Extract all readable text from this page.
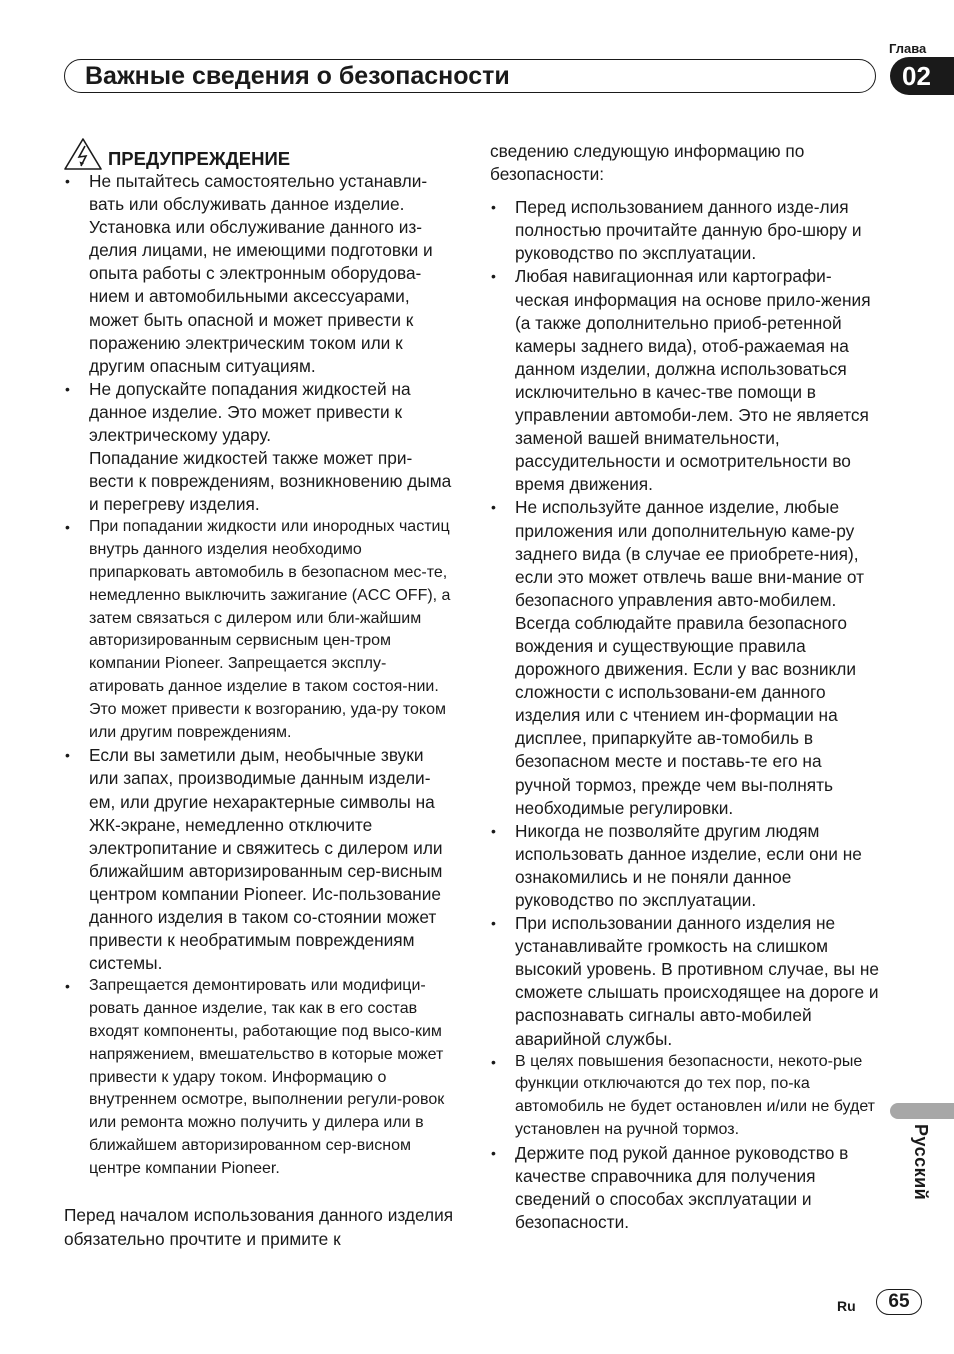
Глава
02
Важные сведения о безопасности
ПРЕДУПРЕЖДЕНИЕ
• Не пытайтесь самостоятельно устанавли-вать или обслуживать данное изделие. Установка или обслуживание данного из-делия лицами, не имеющими подготовки и опыта работы с электронным оборудова-нием и автомобильными аксессуарами, может быть опасной и может привести к поражению электрическим током или к другим опасным ситуациям.
• Не допускайте попадания жидкостей на данное изделие. Это может привести к электрическому удару.
Попадание жидкостей также может при-вести к повреждениям, возникновению дыма и перегреву изделия.
• При попадании жидкости или инородных частиц внутрь данного изделия необходимо припарковать автомобиль в безопасном мес-те, немедленно выключить зажигание (ACC OFF), а затем связаться с дилером или бли-жайшим авторизированным сервисным цен-тром компании Pioneer. Запрещается эксплу-атировать данное изделие в таком состоя-нии. Это может привести к возгоранию, уда-ру током или другим повреждениям.
• Если вы заметили дым, необычные звуки или запах, производимые данным издели-ем, или другие нехарактерные символы на ЖК-экране, немедленно отключите электропитание и свяжитесь с дилером или ближайшим авторизированным сер-висным центром компании Pioneer. Ис-пользование данного изделия в таком со-стоянии может привести к необратимым повреждениям системы.
• Запрещается демонтировать или модифици-ровать данное изделие, так как в его состав входят компоненты, работающие под высо-ким напряжением, вмешательство в которые может привести к удару током. Информацию о внутреннем осмотре, выполнении регули-ровок или ремонта можно получить у дилера или в ближайшем авторизированном сер-висном центре компании Pioneer.

Перед началом использования данного изделия обязательно прочтите и примите к

сведению следующую информацию по безопасности:

• Перед использованием данного изде-лия полностью прочитайте данную бро-шюру и руководство по эксплуатации.
• Любая навигационная или картографи-ческая информация на основе прило-жения (а также дополнительно приоб-ретенной камеры заднего вида), отоб-ражаемая на данном изделии, должна использоваться исключительно в качес-тве помощи в управлении автомоби-лем. Это не является заменой вашей внимательности, рассудительности и осмотрительности во время движения.
• Не используйте данное изделие, любые приложения или дополнительную каме-ру заднего вида (в случае ее приобрете-ния), если это может отвлечь ваше вни-мание от безопасного управления авто-мобилем. Всегда соблюдайте правила безопасного вождения и существующие правила дорожного движения. Если у вас возникли сложности с использовани-ем данного изделия или с чтением ин-формации на дисплее, припаркуйте ав-томобиль в безопасном месте и поставь-те его на ручной тормоз, прежде чем вы-полнять необходимые регулировки.
• Никогда не позволяйте другим людям использовать данное изделие, если они не ознакомились и не поняли данное руководство по эксплуатации.
• При использовании данного изделия не устанавливайте громкость на слишком высокий уровень. В противном случае, вы не сможете слышать происходящее на дороге и распознавать сигналы авто-мобилей аварийной службы.
• В целях повышения безопасности, некото-рые функции отключаются до тех пор, по-ка автомобиль не будет остановлен и/или не будет установлен на ручной тормоз.
• Держите под рукой данное руководство в качестве справочника для получения сведений о способах эксплуатации и безопасности.
Русский
Ru	65
